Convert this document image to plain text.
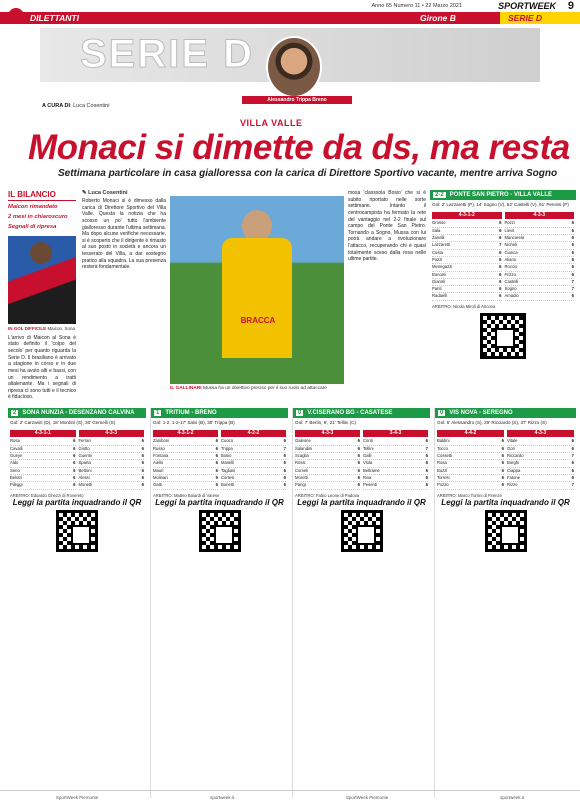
DILETTANTI
Anno 65 Numero 11 • 22 Marzo 2021	SPORTWEEK 9
Girone B	SERIE D
SERIE D
Alessandro Trippa Breno
A CURA DI: Luca Cosentini
VILLA VALLE
Monaci si dimette da ds, ma resta
Settimana particolare in casa gialloressa con la carica di Direttore Sportivo vacante, mentre arriva Sogno
IL BILANCIO
Maicon rimandato
2 mesi in chiaroscuro
Segnali di ripresa
IN GOL DIFFICILE Maicon, Sona
L'arrivo di Maicon al Sona è stato definito il 'colpo del secolo' per quanto riguarda la Serie D. Il brasiliano è arrivato a stagione in corso e in due mesi ha avuto alti e bassi, con un rendimento a tratti altalenante. Ma i segnali di ripresa ci sono tutti e il tecnico è fiducioso.
✎ Luca Cosentini
Roberto Monaci si è dimesso dalla carica di Direttore Sportivo del Villa Valle. Questa la notizia che ha scosso un po' tutto l'ambiente gialloresso durante l'ultima settimana. Ma dopo alcune verifiche necessarie, si è scoperto che il dirigente è rimasto al suo posto in società e ancora un tesserato del Villa, a dar sostegno pratico alla squadra. La sua presenza resterà fondamentale.
mosa 'classsola Bosio' che si è subito riportato nelle sorte settimane. Intanto il centrocampista ha fermato la rete del vantaggio nel 2-2 finale sul campo del Ponte San Pietro. Tornando a Sogno, Mussa con lui potrà andare a rivoluzionare l'attacco, recuperando chi è quasi totalmente sceso dalla rosa nelle ultime partite.
BRACCA
IL GALLINARI Mussa ha un obiettivo preciso per il suo ruolo ad attaccare
2-2	PONTE SAN PIETRO - VILLA VALLE
Gol: 2' Lazzaretti (P), 14' Sogno (V), 52' Castelli (V), 91' Pennisi (P)
4-3-1-2
Grosso	6
Sala	6
Zanelli	6
Lazzaretti	7
Costa	6
Pozzi	6
Menegazzi	6
Bonomi	6
Gianoli	6
Panti	6
Radaelli	6
4-3-3
Pozzi	6
Lievit	6
Mancarela	6
Nicheli	6
Cianca	6
Aliano	6
Roccio	6
Frizzo	6
Castelli	7
Sogno	7
Amadio	6
ARBITRO: Nicola Miroli di Ancona
2	SONA NUNZIA - DESENZANO CALVINA
Gol: 2' Carzaniti (D), 18' Mordini (S), 30' Gemelli (S)
4-3-1-1
Rosa	6
Cavalli	6
Gueye	6
Aldo	6
Serio	6
Belotti	6
Pileggi	6
4-3-3
Ferrari	6
Giotto	6
Guerini	6
Sparta	6
Bettoni	6
Alessi	6
Monetti	6
ARBITRO: Edoardo Ghezzi di Rovereto
Leggi la partita inquadrando il QR
1	TRITIUM - BRENO
Gol: 1-2, 1-2-17' Salvi (B), 30' Trippa (B)
4-3-1-2
Zaniboni	6
Russo	6
Fontana	6
Aiello	6
Mauri	6
Molinari	6
Gatti	6
4-2-2
Cuoco	6
Trippa	7
Bosio	6
Maselli	6
Tagliani	6
Cortesi	6
Bonetti	6
ARBITRO: Matteo Boiardi di Varese
Leggi la partita inquadrando il QR
0	V.CISERANO BG - CASATESE
Gol: 7' Berlin, 9', 21' Tellini (C)
4-3-3
Galeone	6
Salandini	6
Scaglia	6
Rossi	6
Comeli	6
Moretti	6
Parigi	6
3-4-3
Conti	6
Tellini	7
Galli	6
Viola	6
Beltrame	6
Riva	6
Pesenti	6
ARBITRO: Fabio Leone di Padova
Leggi la partita inquadrando il QR
0	VIS NOVA - SEREGNO
Gol: 5' Alessandro (S), 29' Ricciardo (S), 37' Rizzo (S)
4-4-2
Baldini	6
Tocco	6
Cossetti	6
Rosa	6
Buzzi	6
Torresi	6
Pozzo	6
4-3-3
Vitale	6
Gori	6
Riccardo	7
Borghi	6
Ciappa	6
Fatone	6
Rizzo	7
ARBITRO: Marco Turrini di Firenze
Leggi la partita inquadrando il QR
SportWeek Piemonte	sportweek.it	SportWeek Piemonte	sportweek.it
